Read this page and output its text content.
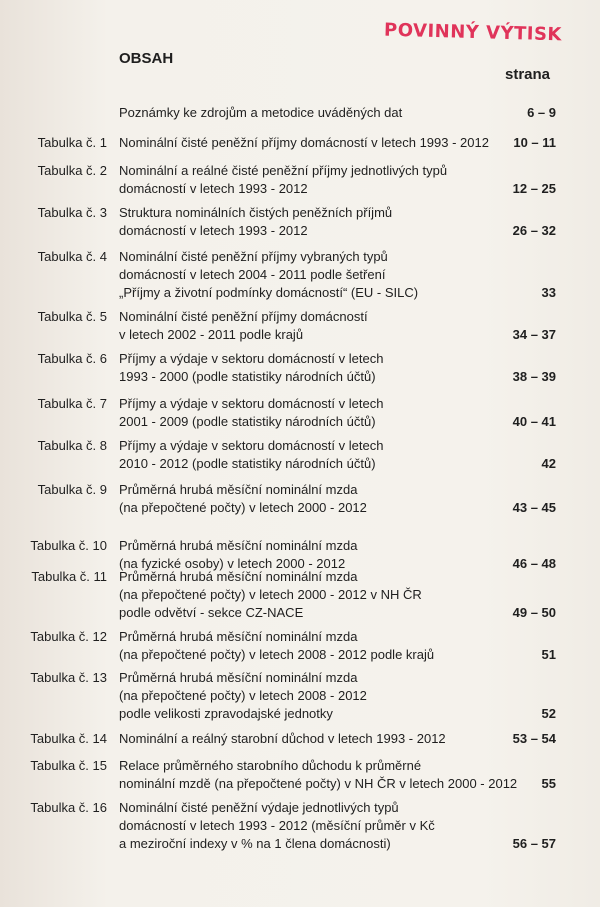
POVINNÝ VÝTISK
OBSAH
strana
Poznámky ke zdrojům a metodice uváděných dat	6 – 9
Tabulka č. 1 Nominální čisté peněžní příjmy domácností v letech 1993 - 2012	10 – 11
Tabulka č. 2 Nominální a reálné čisté peněžní příjmy jednotlivých typů
domácností v letech 1993 - 2012	12 – 25
Tabulka č. 3 Struktura nominálních čistých peněžních příjmů
domácností v letech 1993 - 2012	26 – 32
Tabulka č. 4 Nominální čisté peněžní příjmy vybraných typů
domácností v letech 2004 - 2011 podle šetření
„Příjmy a životní podmínky domácností“ (EU - SILC)	33
Tabulka č. 5 Nominální čisté peněžní příjmy domácností
v letech 2002 - 2011 podle krajů	34 – 37
Tabulka č. 6 Příjmy a výdaje v sektoru domácností v letech
1993 - 2000 (podle statistiky národních účtů)	38 – 39
Tabulka č. 7 Příjmy a výdaje v sektoru domácností v letech
2001 - 2009 (podle statistiky národních účtů)	40 – 41
Tabulka č. 8 Příjmy a výdaje v sektoru domácností v letech
2010 - 2012 (podle statistiky národních účtů)	42
Tabulka č. 9 Průměrná hrubá měsíční nominální mzda
(na přepočtené počty) v letech 2000 - 2012	43 – 45
Tabulka č. 10 Průměrná hrubá měsíční nominální mzda
(na fyzické osoby) v letech 2000 - 2012	46 – 48
Tabulka č. 11 Průměrná hrubá měsíční nominální mzda
(na přepočtené počty) v letech 2000 - 2012 v NH ČR
podle odvětví - sekce CZ-NACE	49 – 50
Tabulka č. 12 Průměrná hrubá měsíční nominální mzda
(na přepočtené počty) v letech 2008 - 2012 podle krajů	51
Tabulka č. 13 Průměrná hrubá měsíční nominální mzda
(na přepočtené počty) v letech 2008 - 2012
podle velikosti zpravodajské jednotky	52
Tabulka č. 14 Nominální a reálný starobní důchod v letech 1993 - 2012	53 – 54
Tabulka č. 15 Relace průměrného starobního důchodu k průměrné
nominální mzdě (na přepočtené počty) v NH ČR v letech 2000 - 2012 55
Tabulka č. 16 Nominální čisté peněžní výdaje jednotlivých typů
domácností v letech 1993 - 2012 (měsíční průměr v Kč
a meziroční indexy v % na 1 člena domácnosti)	56 – 57
